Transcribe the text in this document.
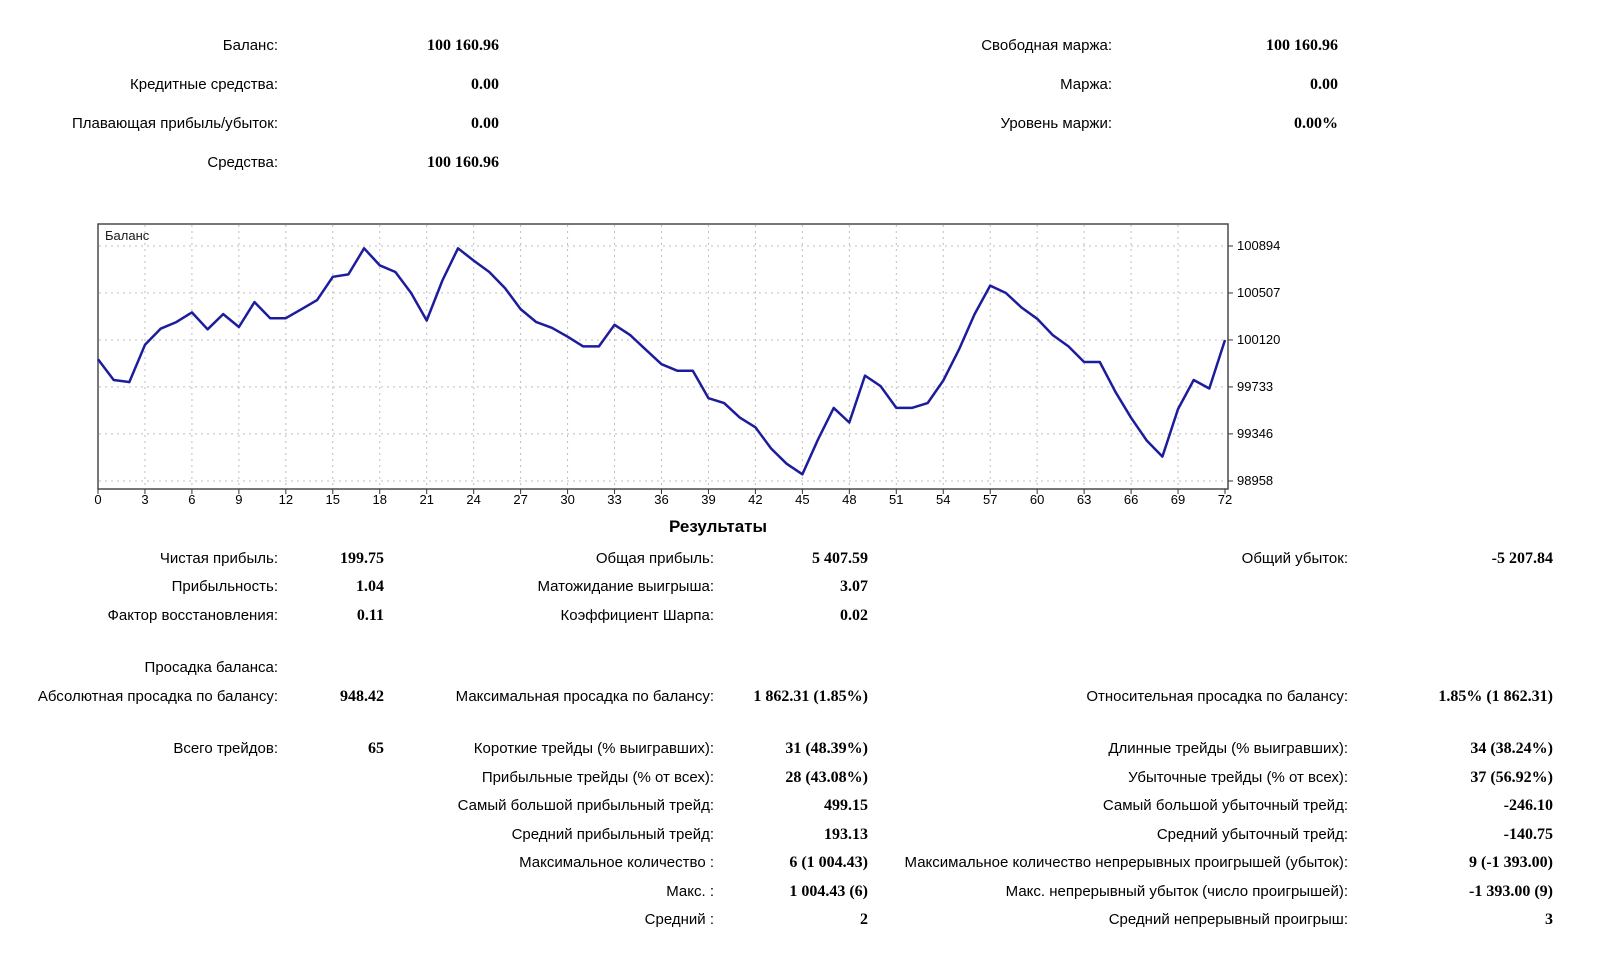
Баланс:	100 160.96	Свободная маржа:	100 160.96
Кредитные средства:	0.00	Маржа:	0.00
Плавающая прибыль/убыток:	0.00	Уровень маржи:	0.00%
Средства:	100 160.96
Баланс
0	3	6	9	12	15	18	21	24	27	30	33	36	39	42	45	48	51	54	57	60	63	66	69	72
100894
100507
100120
99733
99346
98958
Результаты
Чистая прибыль:	199.75	Общая прибыль:	5 407.59	Общий убыток:	-5 207.84
Прибыльность:	1.04	Матожидание выигрыша:	3.07
Фактор восстановления:	0.11	Коэффициент Шарпа:	0.02
Просадка баланса:
Абсолютная просадка по балансу:	948.42	Максимальная просадка по балансу:	1 862.31 (1.85%)	Относительная просадка по балансу:	1.85% (1 862.31)
Всего трейдов:	65	Короткие трейды (% выигравших):	31 (48.39%)	Длинные трейды (% выигравших):	34 (38.24%)
Прибыльные трейды (% от всех):	28 (43.08%)	Убыточные трейды (% от всех):	37 (56.92%)
Самый большой прибыльный трейд:	499.15	Самый большой убыточный трейд:	-246.10
Средний прибыльный трейд:	193.13	Средний убыточный трейд:	-140.75
Максимальное количество :	6 (1 004.43)	Максимальное количество непрерывных проигрышей (убыток):	9 (-1 393.00)
Макс. :	1 004.43 (6)	Макс. непрерывный убыток (число проигрышей):	-1 393.00 (9)
Средний :	2	Средний непрерывный проигрыш:	3
